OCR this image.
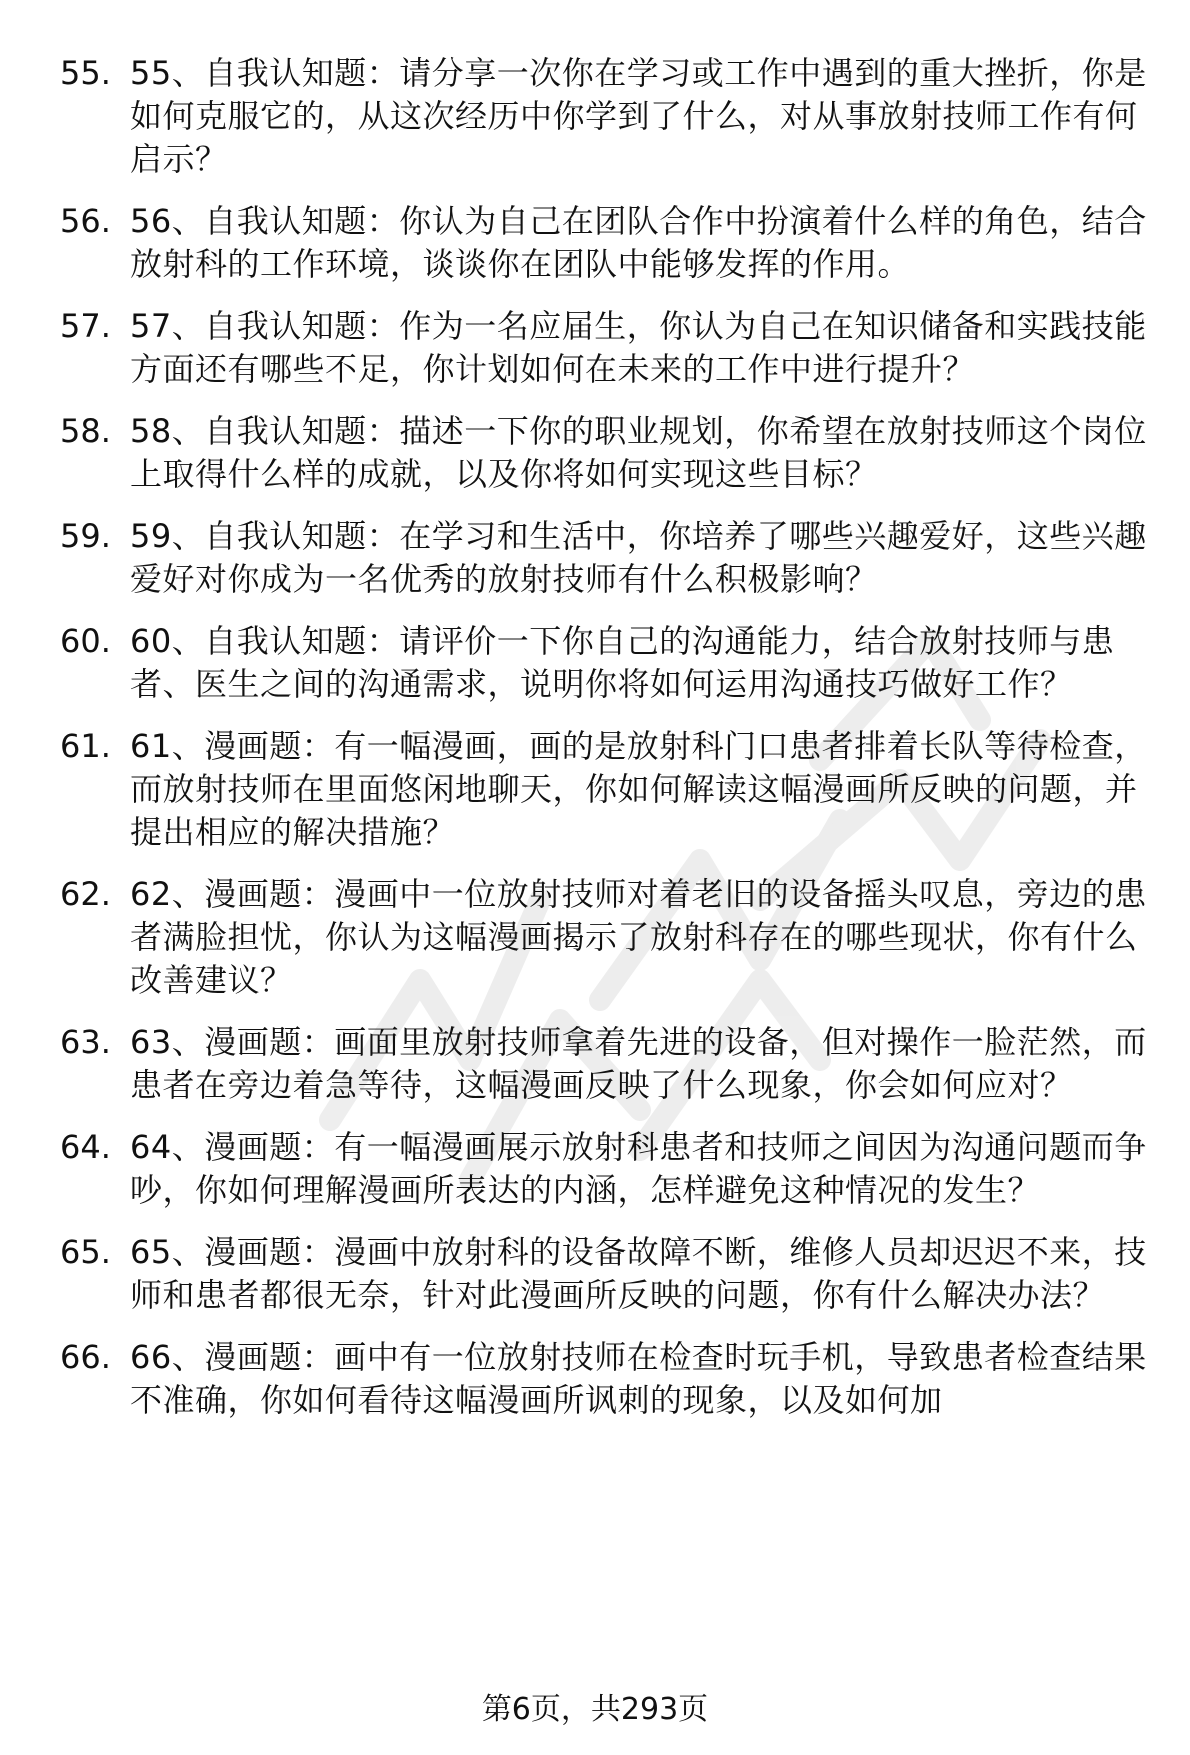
55. 55、自我认知题：请分享一次你在学习或工作中遇到的重大挫折，你是如何克服它的，从这次经历中你学到了什么，对从事放射技师工作有何启示？
56. 56、自我认知题：你认为自己在团队合作中扮演着什么样的角色，结合放射科的工作环境，谈谈你在团队中能够发挥的作用。
57. 57、自我认知题：作为一名应届生，你认为自己在知识储备和实践技能方面还有哪些不足，你计划如何在未来的工作中进行提升？
58. 58、自我认知题：描述一下你的职业规划，你希望在放射技师这个岗位上取得什么样的成就，以及你将如何实现这些目标？
59. 59、自我认知题：在学习和生活中，你培养了哪些兴趣爱好，这些兴趣爱好对你成为一名优秀的放射技师有什么积极影响？
60. 60、自我认知题：请评价一下你自己的沟通能力，结合放射技师与患者、医生之间的沟通需求，说明你将如何运用沟通技巧做好工作？
61. 61、漫画题：有一幅漫画，画的是放射科门口患者排着长队等待检查，而放射技师在里面悠闲地聊天，你如何解读这幅漫画所反映的问题，并提出相应的解决措施？
62. 62、漫画题：漫画中一位放射技师对着老旧的设备摇头叹息，旁边的患者满脸担忧，你认为这幅漫画揭示了放射科存在的哪些现状，你有什么改善建议？
63. 63、漫画题：画面里放射技师拿着先进的设备，但对操作一脸茫然，而患者在旁边着急等待，这幅漫画反映了什么现象，你会如何应对？
64. 64、漫画题：有一幅漫画展示放射科患者和技师之间因为沟通问题而争吵，你如何理解漫画所表达的内涵，怎样避免这种情况的发生？
65. 65、漫画题：漫画中放射科的设备故障不断，维修人员却迟迟不来，技师和患者都很无奈，针对此漫画所反映的问题，你有什么解决办法？
66. 66、漫画题：画中有一位放射技师在检查时玩手机，导致患者检查结果不准确，你如何看待这幅漫画所讽刺的现象，以及如何加
第6页，共293页
